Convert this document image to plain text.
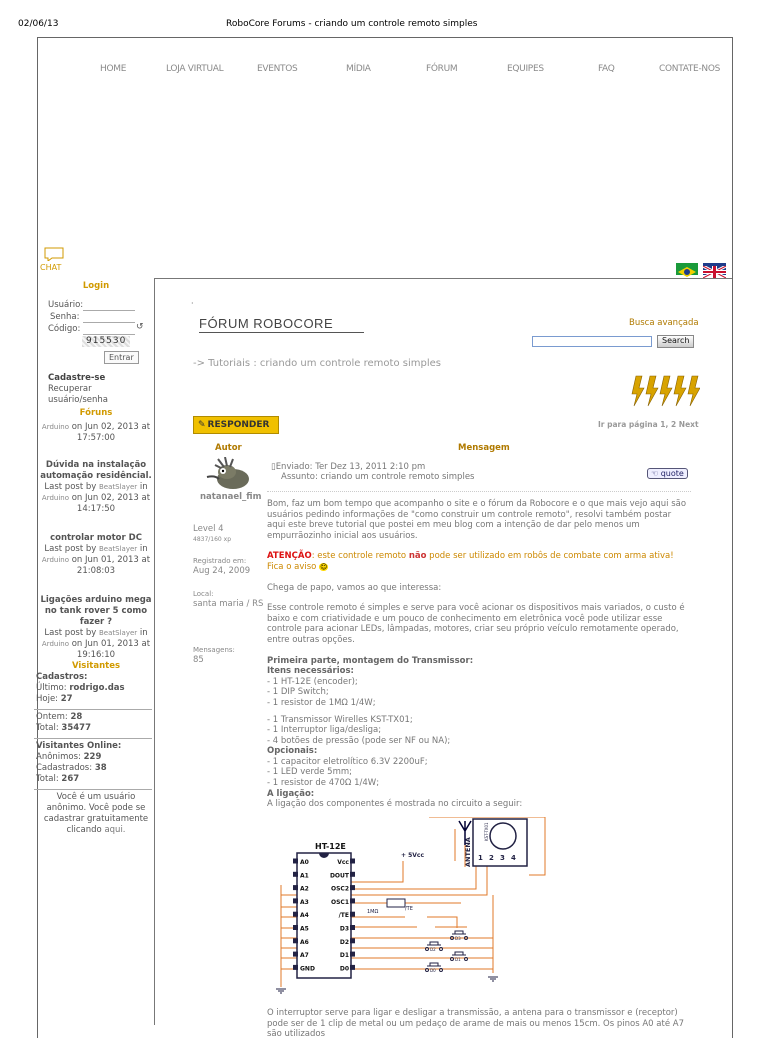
02/06/13	RoboCore Forums - criando um controle remoto simples
HOME	LOJA VIRTUAL	EVENTOS	MÍDIA	FÓRUM	EQUIPES	FAQ	CONTATE-NOS
CHAT
Login
Usuário:
Senha:
Código:	↺
915530
Entrar
Cadastre-se
Recuperar usuário/senha
Fóruns
Arduino on Jun 02, 2013 at
17:57:00
Dúvida na instalação automação residêncial.
Last post by BeatSlayer in
Arduino on Jun 02, 2013 at
14:17:50
controlar motor DC
Last post by BeatSlayer in
Arduino on Jun 01, 2013 at
21:08:03
Ligações arduino mega no tank rover 5 como fazer ?
Last post by BeatSlayer in
Arduino on Jun 01, 2013 at
19:16:10
Visitantes
Cadastros:
Último: rodrigo.das
Hoje: 27
Ontem: 28
Total: 35477
Visitantes Online:
Anônimos: 229
Cadastrados: 38
Total: 267
Você é um usuário anônimo. Você pode se cadastrar gratuitamente clicando aqui.
·
FÓRUM ROBOCORE	Busca avançada
Search
-> Tutoriais : criando um controle remoto simples
✎ RESPONDER	Ir para página 1, 2 Next
Autor	Mensagem
natanael_fim
Level 4
4837/160 xp
Registrado em:
Aug 24, 2009
Local:
santa maria / RS
Mensagens:
85
▯Enviado: Ter Dez 13, 2011 2:10 pm
Assunto: criando um controle remoto simples	☜ quote
Bom, faz um bom tempo que acompanho o site e o fórum da Robocore e o que mais vejo aqui são usuários pedindo informações de "como construir um controle remoto", resolvi também postar aqui este breve tutorial que postei em meu blog com a intenção de dar pelo menos um empurrãozinho inicial aos usuários.
ATENÇÃO: este controle remoto não pode ser utilizado em robôs de combate com arma ativa! Fica o aviso ☺
Chega de papo, vamos ao que interessa:
Esse controle remoto é simples e serve para você acionar os dispositivos mais variados, o custo é baixo e com criatividade e um pouco de conhecimento em eletrônica você pode utilizar esse controle para acionar LEDs, lâmpadas, motores, criar seu próprio veículo remotamente operado, entre outras opções.
Primeira parte, montagem do Transmissor:
Itens necessários:
- 1 HT-12E (encoder);
- 1 DIP Switch;
- 1 resistor de 1MΩ 1/4W;
- 1 Transmissor Wirelles KST-TX01;
- 1 Interruptor liga/desliga;
- 4 botões de pressão (pode ser NF ou NA);
Opcionais:
- 1 capacitor eletrolítico 6.3V 2200uF;
- 1 LED verde 5mm;
- 1 resistor de 470Ω 1/4W;
A ligação:
A ligação dos componentes é mostrada no circuito a seguir:
KST-TX01
ANTENA 1 2 3 4
+ 5Vcc
HT-12E
A0
A1
A2
A3
A4
A5
A6
A7
GND
Vcc
DOUT
OSC2
OSC1
/TE
D3
D2
D1
D0
1MΩ	/TE
D3
D2
D1
D0
O interruptor serve para ligar e desligar a transmissão, a antena para o transmissor e (receptor) pode ser de 1 clip de metal ou um pedaço de arame de mais ou menos 15cm. Os pinos A0 até A7 são utilizados
